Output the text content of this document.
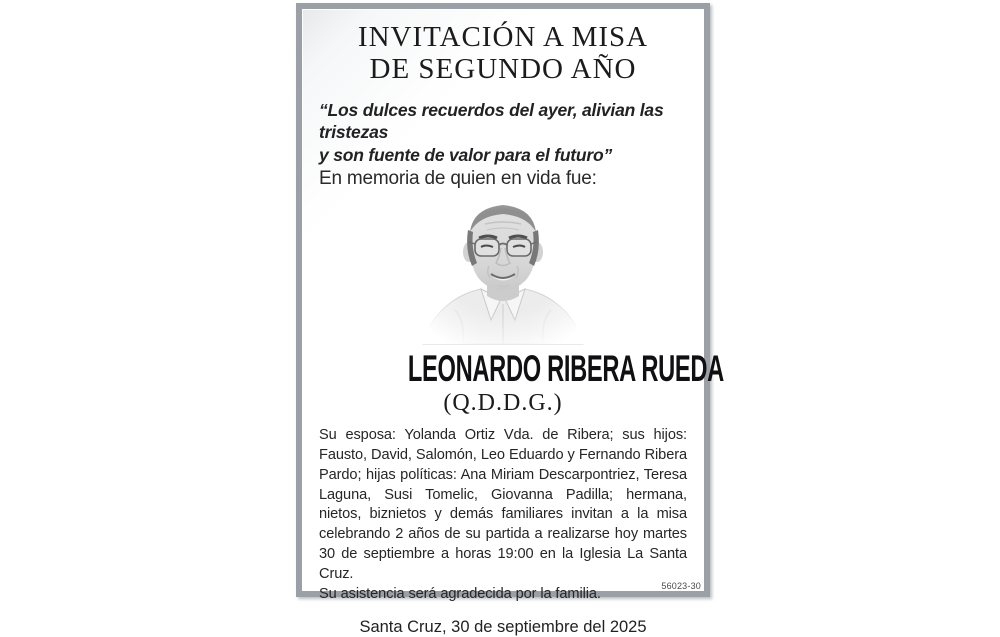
INVITACIÓN A MISA
DE SEGUNDO AÑO
“Los dulces recuerdos del ayer, alivian las tristezas
y son fuente de valor para el futuro”
En memoria de quien en vida fue:
LEONARDO RIBERA RUEDA
(Q.D.D.G.)
Su esposa: Yolanda Ortiz Vda. de Ribera; sus hijos: Fausto, David, Salomón, Leo Eduardo y Fernando Ribera Pardo; hijas políticas: Ana Miriam Descarpontriez, Teresa Laguna, Susi Tomelic, Giovanna Padilla; hermana, nietos, biznietos y demás familiares invitan a la misa celebrando 2 años de su partida a realizarse hoy martes 30 de septiembre a horas 19:00 en la Iglesia La Santa Cruz.
Su asistencia será agradecida por la familia.
Santa Cruz, 30 de septiembre del 2025
56023-30
